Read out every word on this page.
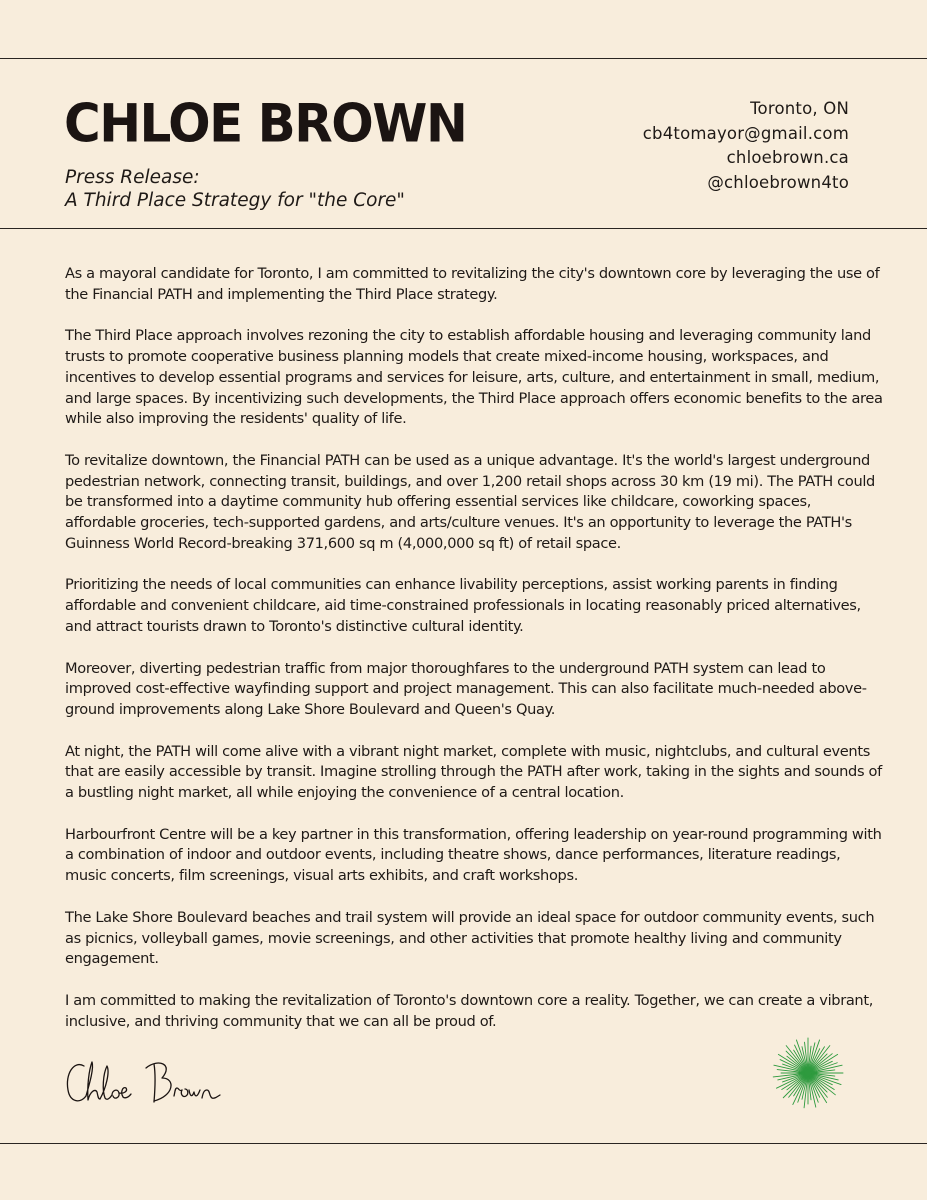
CHLOE BROWN
Press Release:
A Third Place Strategy for "the Core"
Toronto, ON
cb4tomayor@gmail.com
chloebrown.ca
@chloebrown4to

As a mayoral candidate for Toronto, I am committed to revitalizing the city's downtown core by leveraging the use of the Financial PATH and implementing the Third Place strategy.

The Third Place approach involves rezoning the city to establish affordable housing and leveraging community land trusts to promote cooperative business planning models that create mixed-income housing, workspaces, and incentives to develop essential programs and services for leisure, arts, culture, and entertainment in small, medium, and large spaces. By incentivizing such developments, the Third Place approach offers economic benefits to the area while also improving the residents' quality of life.

To revitalize downtown, the Financial PATH can be used as a unique advantage. It's the world's largest underground pedestrian network, connecting transit, buildings, and over 1,200 retail shops across 30 km (19 mi). The PATH could be transformed into a daytime community hub offering essential services like childcare, coworking spaces, affordable groceries, tech-supported gardens, and arts/culture venues. It's an opportunity to leverage the PATH's Guinness World Record-breaking 371,600 sq m (4,000,000 sq ft) of retail space.

Prioritizing the needs of local communities can enhance livability perceptions, assist working parents in finding affordable and convenient childcare, aid time-constrained professionals in locating reasonably priced alternatives, and attract tourists drawn to Toronto's distinctive cultural identity.

Moreover, diverting pedestrian traffic from major thoroughfares to the underground PATH system can lead to improved cost-effective wayfinding support and project management. This can also facilitate much-needed above-ground improvements along Lake Shore Boulevard and Queen's Quay.

At night, the PATH will come alive with a vibrant night market, complete with music, nightclubs, and cultural events that are easily accessible by transit. Imagine strolling through the PATH after work, taking in the sights and sounds of a bustling night market, all while enjoying the convenience of a central location.

Harbourfront Centre will be a key partner in this transformation, offering leadership on year-round programming with a combination of indoor and outdoor events, including theatre shows, dance performances, literature readings, music concerts, film screenings, visual arts exhibits, and craft workshops.

The Lake Shore Boulevard beaches and trail system will provide an ideal space for outdoor community events, such as picnics, volleyball games, movie screenings, and other activities that promote healthy living and community engagement.

I am committed to making the revitalization of Toronto's downtown core a reality. Together, we can create a vibrant, inclusive, and thriving community that we can all be proud of.
